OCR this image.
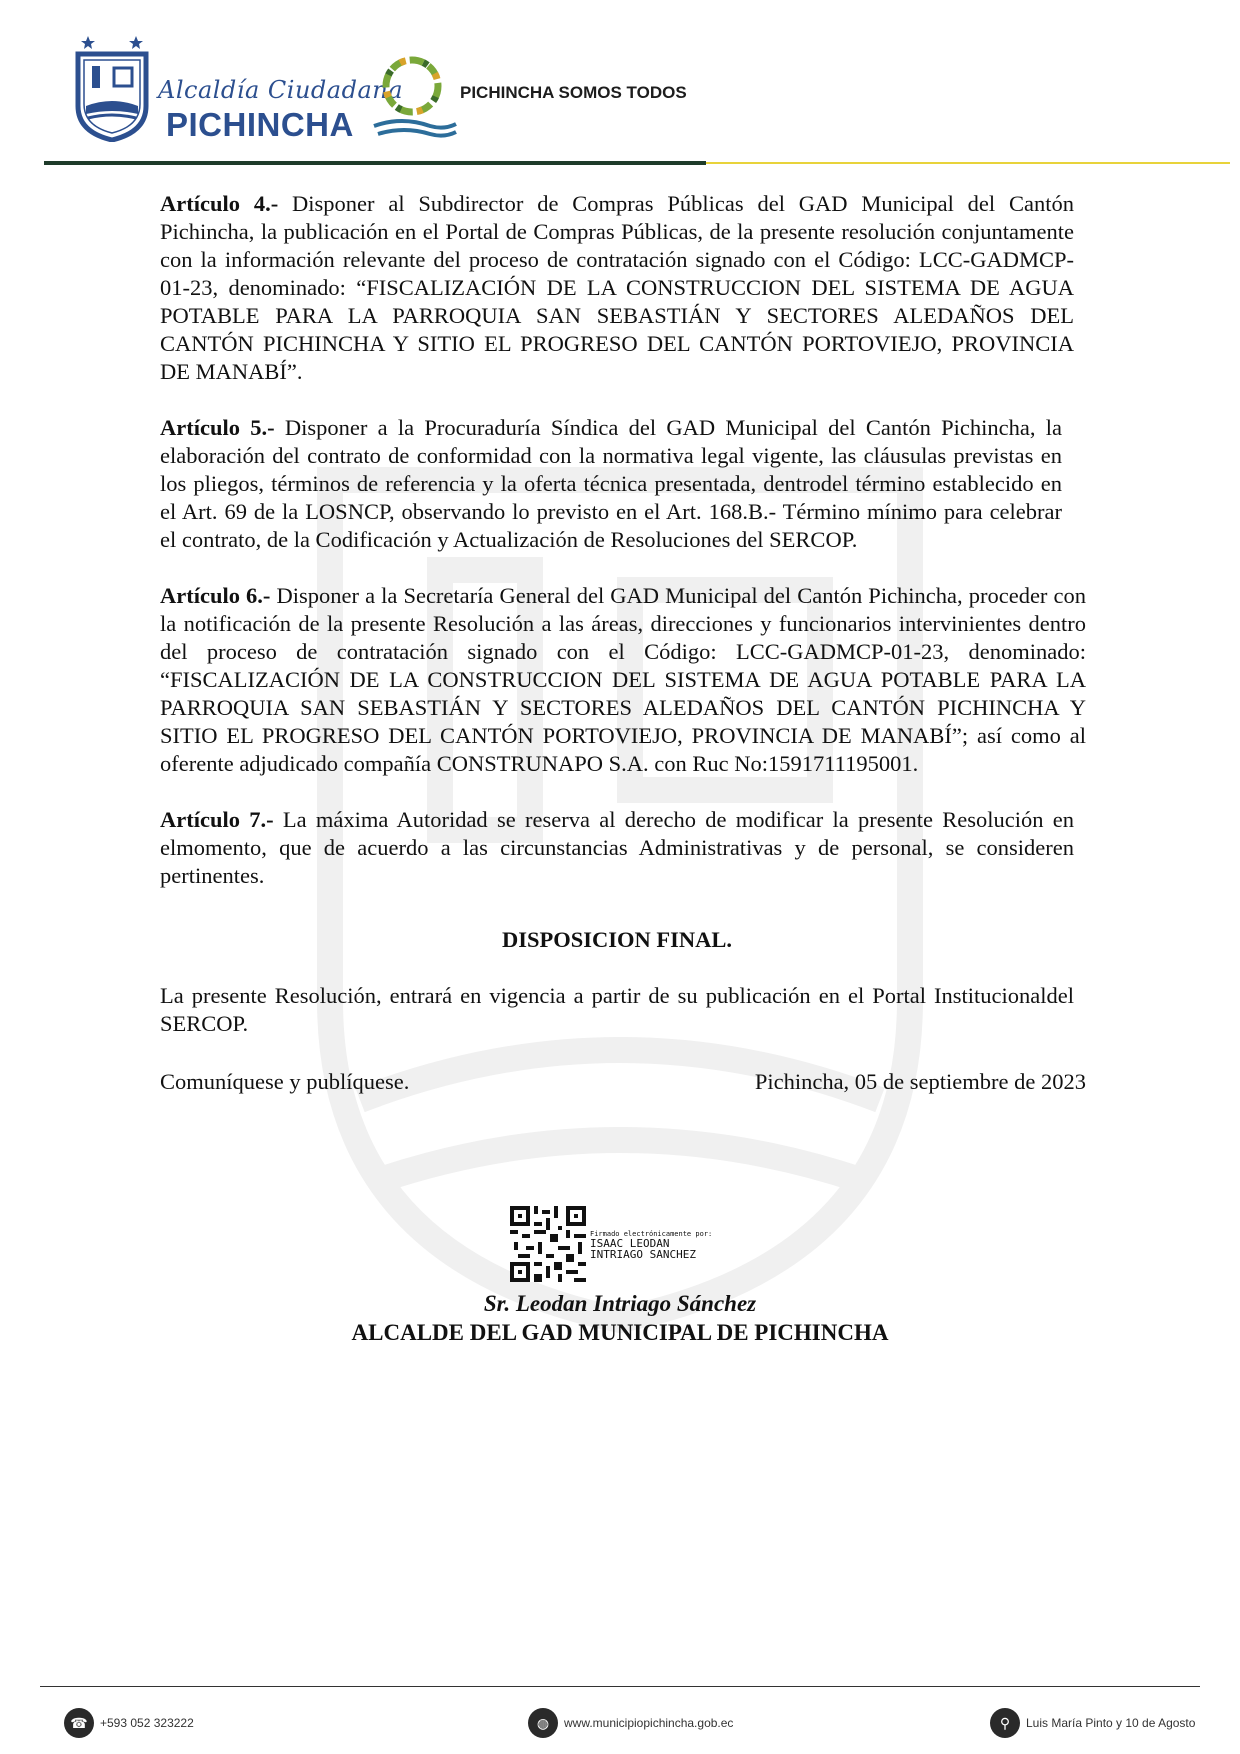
Alcaldía Ciudadana
PICHINCHA
PICHINCHA SOMOS TODOS

Artículo 4.- Disponer al Subdirector de Compras Públicas del GAD Municipal del Cantón Pichincha, la publicación en el Portal de Compras Públicas, de la presente resolución conjuntamente con la información relevante del proceso de contratación signado con el Código: LCC-GADMCP-01-23, denominado: “FISCALIZACIÓN DE LA CONSTRUCCION DEL SISTEMA DE AGUA POTABLE PARA LA PARROQUIA SAN SEBASTIÁN Y SECTORES ALEDAÑOS DEL CANTÓN PICHINCHA Y SITIO EL PROGRESO DEL CANTÓN PORTOVIEJO, PROVINCIA DE MANABÍ”.

Artículo 5.- Disponer a la Procuraduría Síndica del GAD Municipal del Cantón Pichincha, la elaboración del contrato de conformidad con la normativa legal vigente, las cláusulas previstas en los pliegos, términos de referencia y la oferta técnica presentada, dentrodel término establecido en el Art. 69 de la LOSNCP, observando lo previsto en el Art. 168.B.- Término mínimo para celebrar el contrato, de la Codificación y Actualización de Resoluciones del SERCOP.

Artículo 6.- Disponer a la Secretaría General del GAD Municipal del Cantón Pichincha, proceder con la notificación de la presente Resolución a las áreas, direcciones y funcionarios intervinientes dentro del proceso de contratación signado con el Código: LCC-GADMCP-01-23, denominado: “FISCALIZACIÓN DE LA CONSTRUCCION DEL SISTEMA DE AGUA POTABLE PARA LA PARROQUIA SAN SEBASTIÁN Y SECTORES ALEDAÑOS DEL CANTÓN PICHINCHA Y SITIO EL PROGRESO DEL CANTÓN PORTOVIEJO, PROVINCIA DE MANABÍ”; así como al oferente adjudicado compañía CONSTRUNAPO S.A. con Ruc No:1591711195001.

Artículo 7.- La máxima Autoridad se reserva al derecho de modificar la presente Resolución en elmomento, que de acuerdo a las circunstancias Administrativas y de personal, se consideren pertinentes.

DISPOSICION FINAL.

La presente Resolución, entrará en vigencia a partir de su publicación en el Portal Institucionaldel SERCOP.

Comuníquese y publíquese.	Pichincha, 05 de septiembre de 2023
Firmado electrónicamente por:
ISAAC LEODAN
INTRIAGO SANCHEZ
Sr. Leodan Intriago Sánchez
ALCALDE DEL GAD MUNICIPAL DE PICHINCHA
☎	+593 052 323222	◍	www.municipiopichincha.gob.ec	⚲	Luis María Pinto y 10 de Agosto
